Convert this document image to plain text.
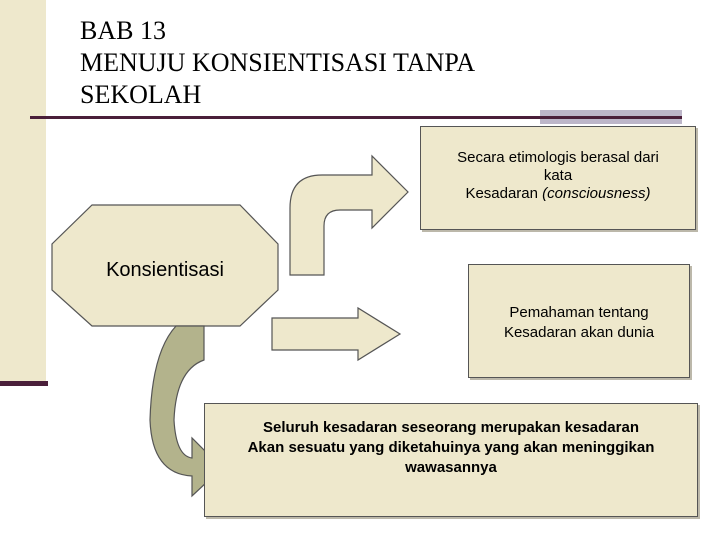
BAB 13
MENUJU KONSIENTISASI TANPA
SEKOLAH
Konsientisasi
Secara etimologis berasal dari
kata
Kesadaran (consciousness)
Pemahaman tentang
Kesadaran akan dunia
Seluruh kesadaran seseorang merupakan kesadaran
Akan sesuatu yang diketahuinya yang akan meninggikan
wawasannya
